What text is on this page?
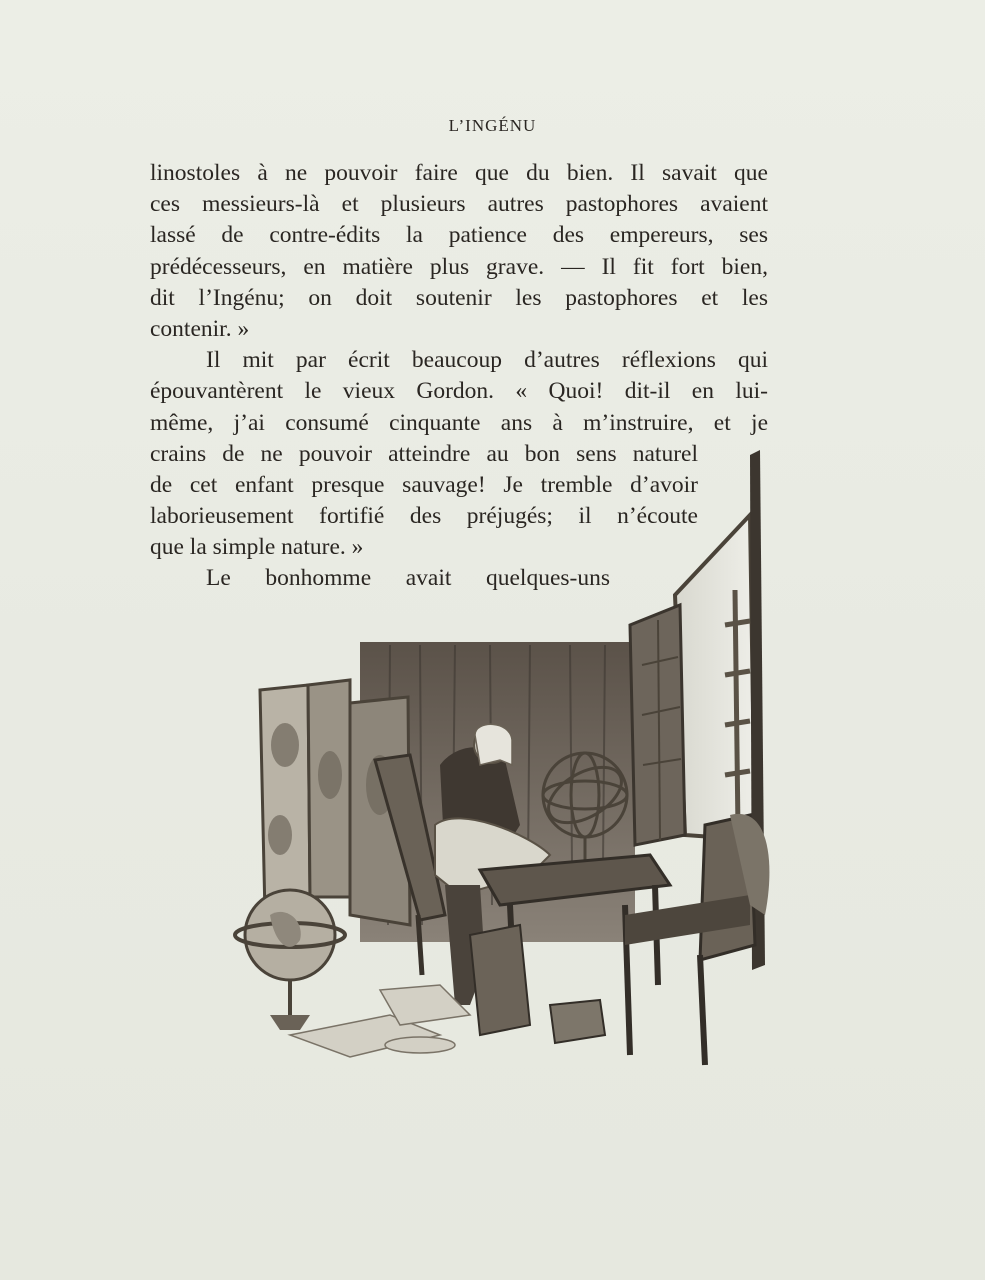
L’INGÉNU
linostoles à ne pouvoir faire que du bien. Il savait que
ces messieurs-là et plusieurs autres pastophores avaient
lassé de contre-édits la patience des empereurs, ses
prédécesseurs, en matière plus grave. — Il fit fort bien,
dit l’Ingénu; on doit soutenir les pastophores et les
contenir. »
Il mit par écrit beaucoup d’autres réflexions qui
épouvantèrent le vieux Gordon. « Quoi! dit-il en lui-
même, j’ai consumé cinquante ans à m’instruire, et je
crains de ne pouvoir atteindre au bon sens naturel
de cet enfant presque sauvage! Je tremble d’avoir
laborieusement fortifié des préjugés; il n’écoute
que la simple nature. »
Le bonhomme avait quelques-uns
